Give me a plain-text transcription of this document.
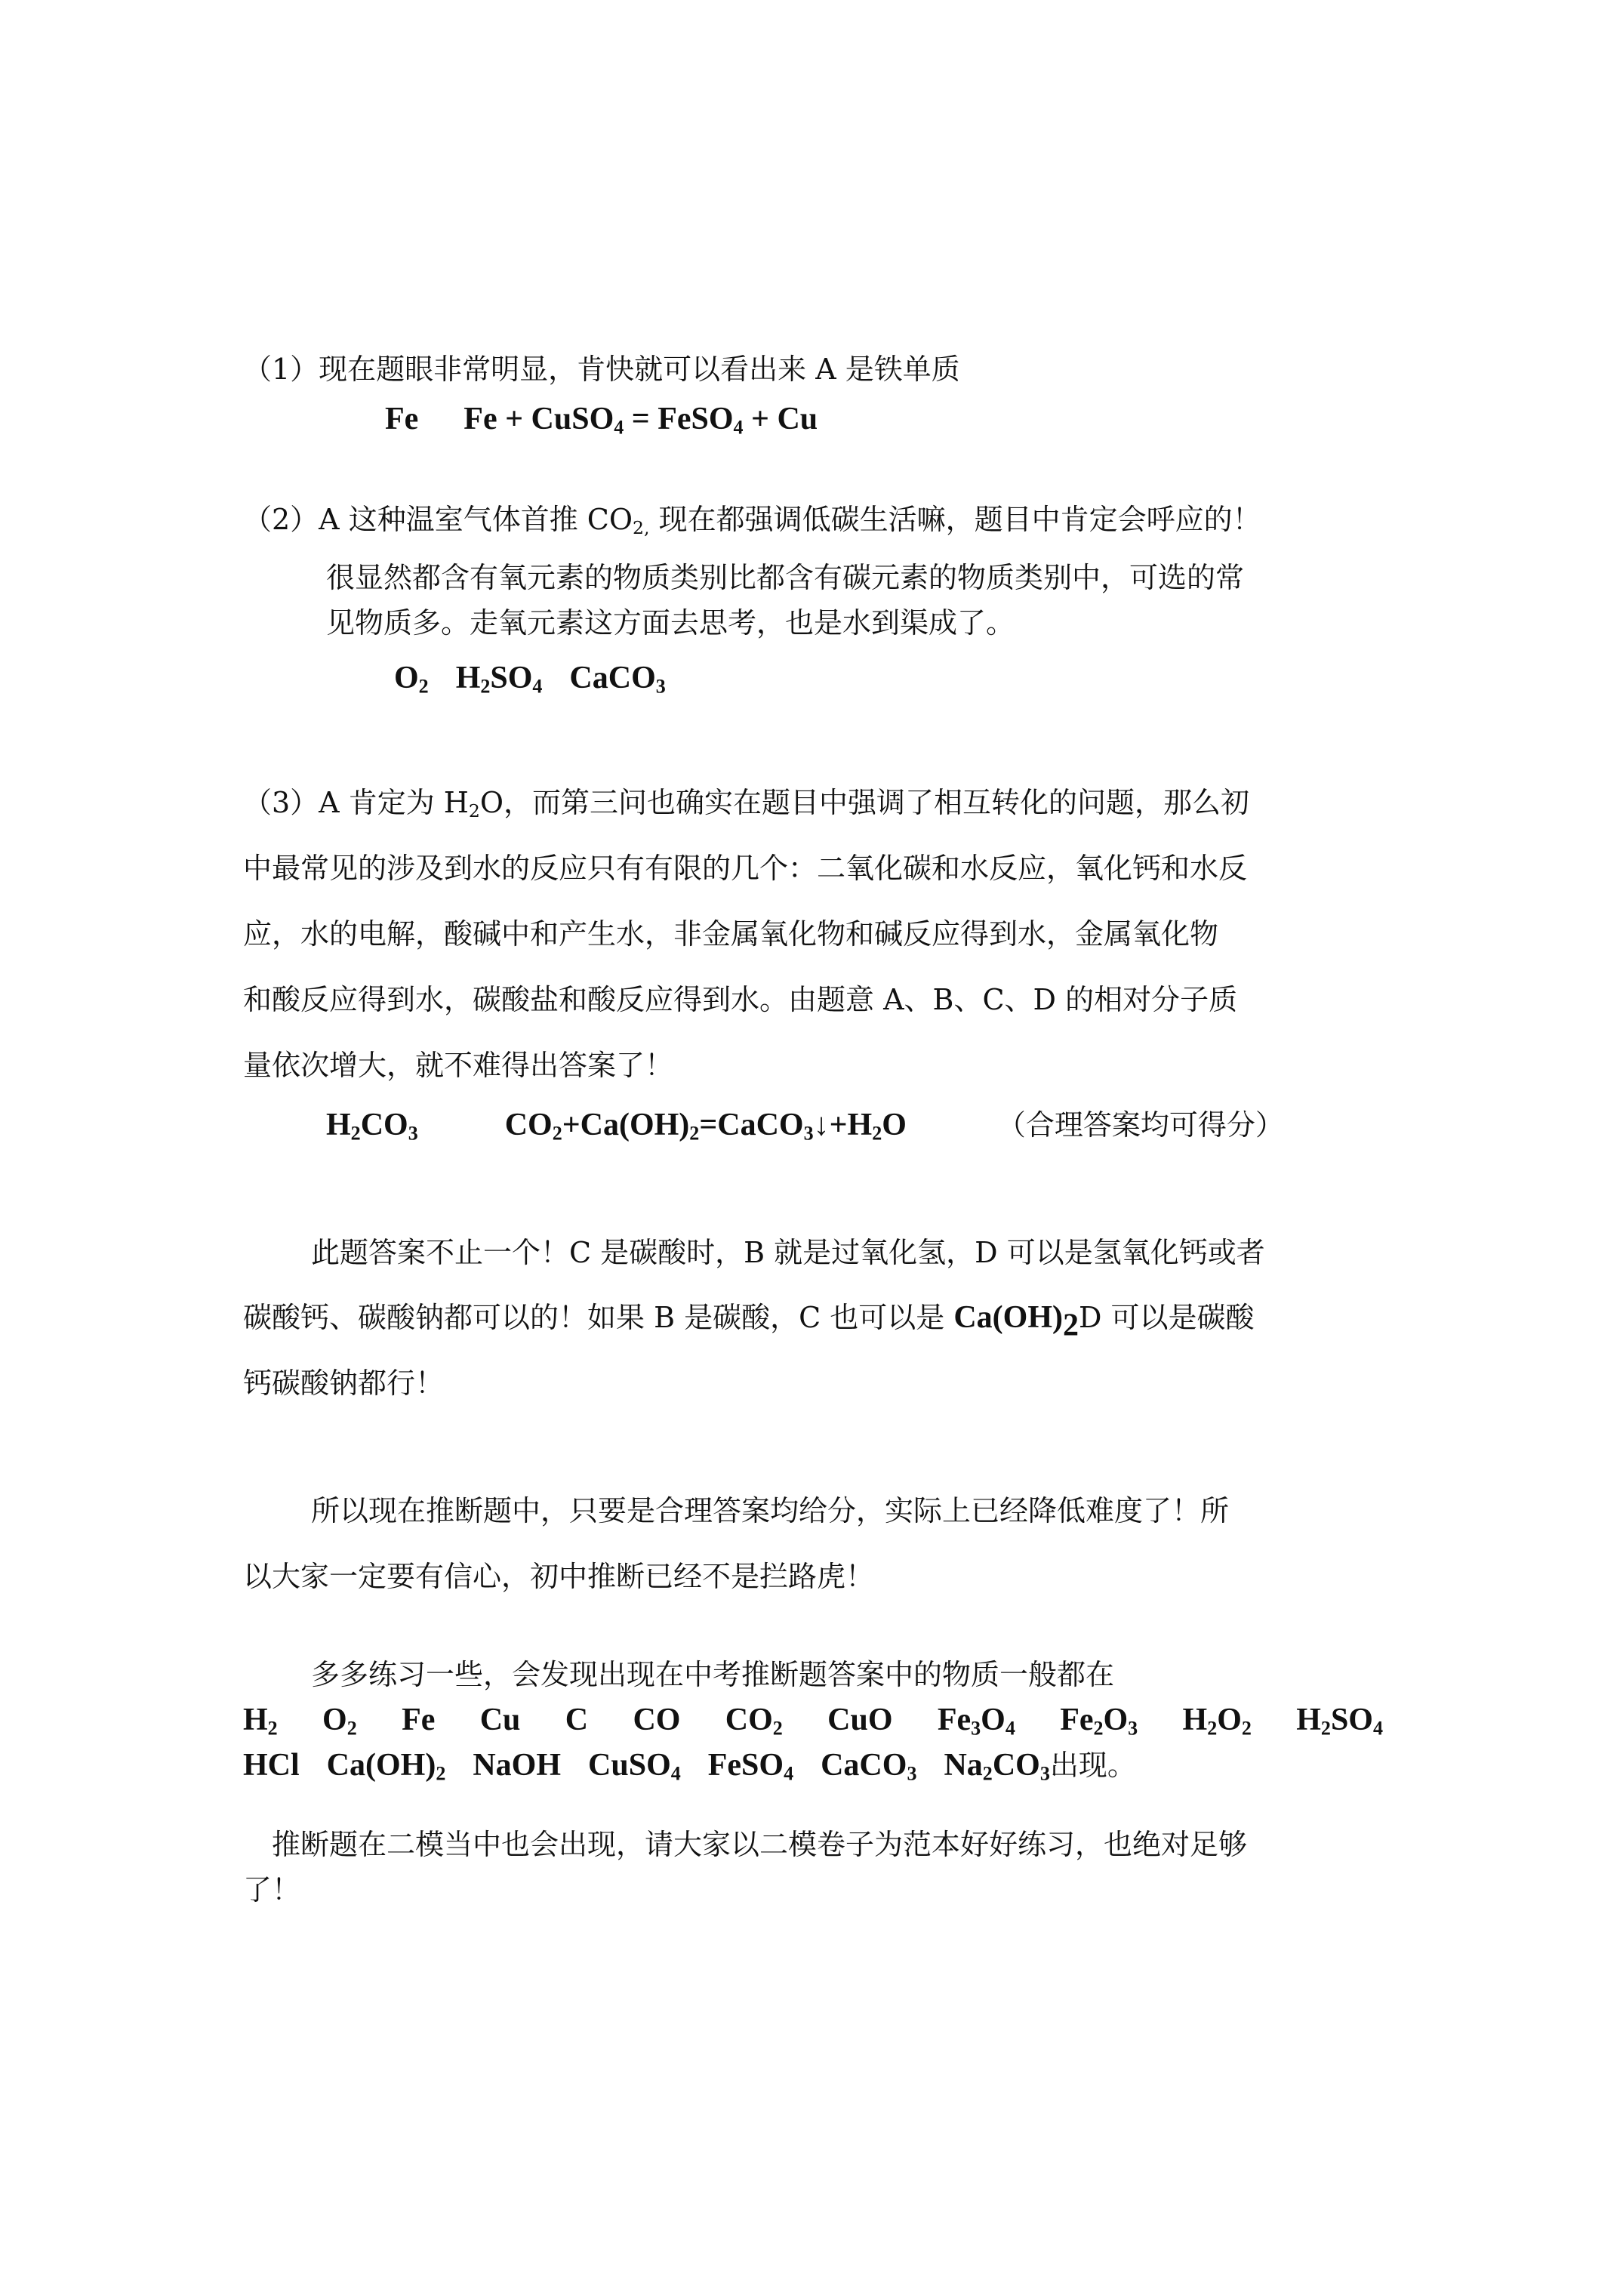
（1）现在题眼非常明显，肯快就可以看出来 A 是铁单质
Fe Fe + CuSO$_4$ = FeSO$_4$ + Cu
（2）A 这种温室气体首推 $CO_{2,}$ 现在都强调低碳生活嘛，题目中肯定会呼应的！
很显然都含有氧元素的物质类别比都含有碳元素的物质类别中，可选的常
见物质多。走氧元素这方面去思考，也是水到渠成了。
$O_2$ $H_2SO_4$ CaCO$_3$
（3）A 肯定为 $H_2O$，而第三问也确实在题目中强调了相互转化的问题，那么初
中最常见的涉及到水的反应只有有限的几个：二氧化碳和水反应，氧化钙和水反
应，水的电解，酸碱中和产生水，非金属氧化物和碱反应得到水，金属氧化物
和酸反应得到水，碳酸盐和酸反应得到水。由题意 A、B、C、D 的相对分子质
量依次增大，就不难得出答案了！
$H_2CO_3$	$CO_2+Ca(OH)_2=CaCO_3↓+H_2O$	（合理答案均可得分）
此题答案不止一个！C 是碳酸时，B 就是过氧化氢，D 可以是氢氧化钙或者
碳酸钙、碳酸钠都可以的！如果 B 是碳酸，C 也可以是 $Ca(OH)_2D$ 可以是碳酸
钙碳酸钠都行！
所以现在推断题中，只要是合理答案均给分，实际上已经降低难度了！所
以大家一定要有信心，初中推断已经不是拦路虎！
多多练习一些，会发现出现在中考推断题答案中的物质一般都在
$H_2$ $O_2$ Fe Cu C CO $CO_2$ CuO $Fe_3O_4$ $Fe_2O_3$ $H_2O_2$ $H_2SO_4$
HCl $Ca(OH)_2$ NaOH CuSO$_4$ FeSO$_4$ CaCO$_3$ $Na_2CO_3$出现。
推断题在二模当中也会出现，请大家以二模卷子为范本好好练习，也绝对足够
了！
